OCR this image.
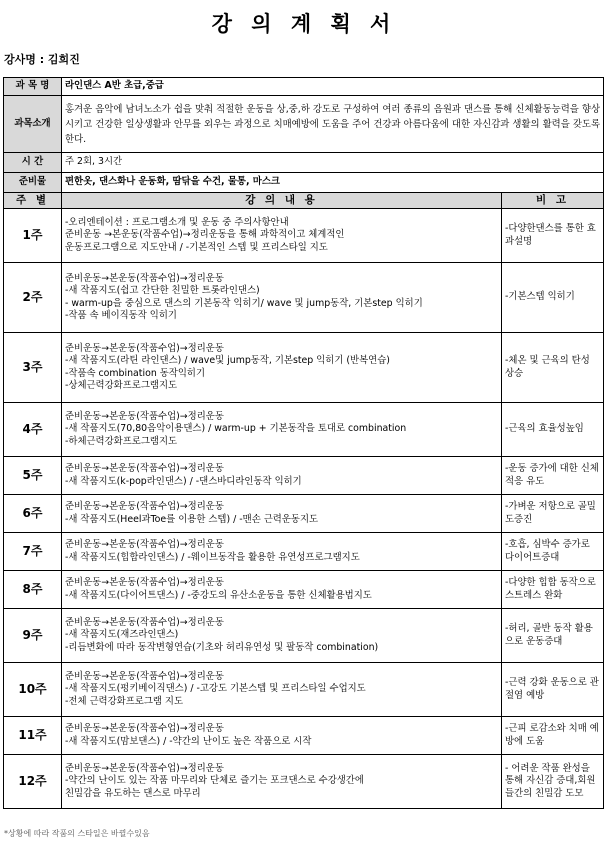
강 의 계 획 서
강사명 : 김희진
과 목 명	라인댄스 A반 초급,중급	
과목소개	홍겨운 음악에 남녀노소가 쉽을 맞춰 적절한 운동을 상,중,하 강도로 구성하여 여러 종류의 음원과 댄스를 통해 신체활동능력을 향상시키고 건강한 일상생활과 안무를 외우는 과정으로 치매예방에 도움을 주어 건강과 아름다움에 대한 자신감과 생활의 활력을 갖도록 한다.	
시 간	주 2회, 3시간	
준비물	편한옷, 댄스화나 운동화, 땀닦을 수건, 물통, 마스크	
주 별	강 의 내 용	비 고
1주	-오리엔테이션 : 프로그램소개 및 운동 중 주의사항안내
준비운동 →본운동(작품수업)→정리운동을 통해 과학적이고 체계적인
운동프로그램으로 지도안내 / -기본적인 스텝 및 프리스타일 지도	-다양한댄스를 통한 효과설명
2주	준비운동→본운동(작품수업)→정리운동
-새 작품지도(쉽고 간단한 친밀한 트롯라인댄스)
- warm-up을 중심으로 댄스의 기본동작 익히기/ wave 및 jump동작, 기본step 익히기
-작품 속 베이직동작 익히기	-기본스텝 익히기
3주	준비운동→본운동(작품수업)→정리운동
-새 작품지도(라틴 라인댄스) / wave및 jump동작, 기본step 익히기 (반복연습)
-작품속 combination 동작익히기
-상체근력강화프로그램지도	-체온 및 근육의 탄성 상승
4주	준비운동→본운동(작품수업)→정리운동
-새 작품지도(70,80음악이용댄스) / warm-up + 기본동작을 토대로 combination
-하체근력강화프로그램지도	-근육의 효율성높임
5주	준비운동→본운동(작품수업)→정리운동
-새 작품지도(k-pop라인댄스) / -댄스바디라인동작 익히기	-운동 증가에 대한 신체 적응 유도
6주	준비운동→본운동(작품수업)→정리운동
-새 작품지도(Heel과Toe를 이용한 스텝) / -맨손 근력운동지도	-가벼운 저항으로 골밀도증진
7주	준비운동→본운동(작품수업)→정리운동
-새 작품지도(힙합라인댄스) / -웨이브동작을 활용한 유연성프로그램지도	-호흡, 심박수 증가로 다이어트증대
8주	준비운동→본운동(작품수업)→정리운동
-새 작품지도(다이어트댄스) / -중강도의 유산소운동을 통한 신체활용법지도	-다양한 힙합 동작으로 스트레스 완화
9주	준비운동→본운동(작품수업)→정리운동
-새 작품지도(재즈라인댄스)
-리듬변화에 따라 동작변형연습(기초와 허리유연성 및 팔동작 combination)	-허리, 골반 동작 활용으로 운동증대
10주	준비운동→본운동(작품수업)→정리운동
-새 작품지도(펑키베이직댄스) / -고강도 기본스텝 및 프리스타일 수업지도
-전체 근력강화프로그램 지도	-근력 강화 운동으로 관절염 예방
11주	준비운동→본운동(작품수업)→정리운동
-새 작품지도(맘보댄스) / -약간의 난이도 높은 작품으로 시작	-근피 로감소와 치매 예방에 도움
12주	준비운동→본운동(작품수업)→정리운동
-약간의 난이도 있는 작품 마무리와 단체로 즐기는 포크댄스로 수강생간에
친밀감을 유도하는 댄스로 마무리	- 어려운 작품 완성을 통해 자신감 증대,회원들간의 친밀감 도모
*상황에 따라 작품의 스타일은 바뀔수있음
